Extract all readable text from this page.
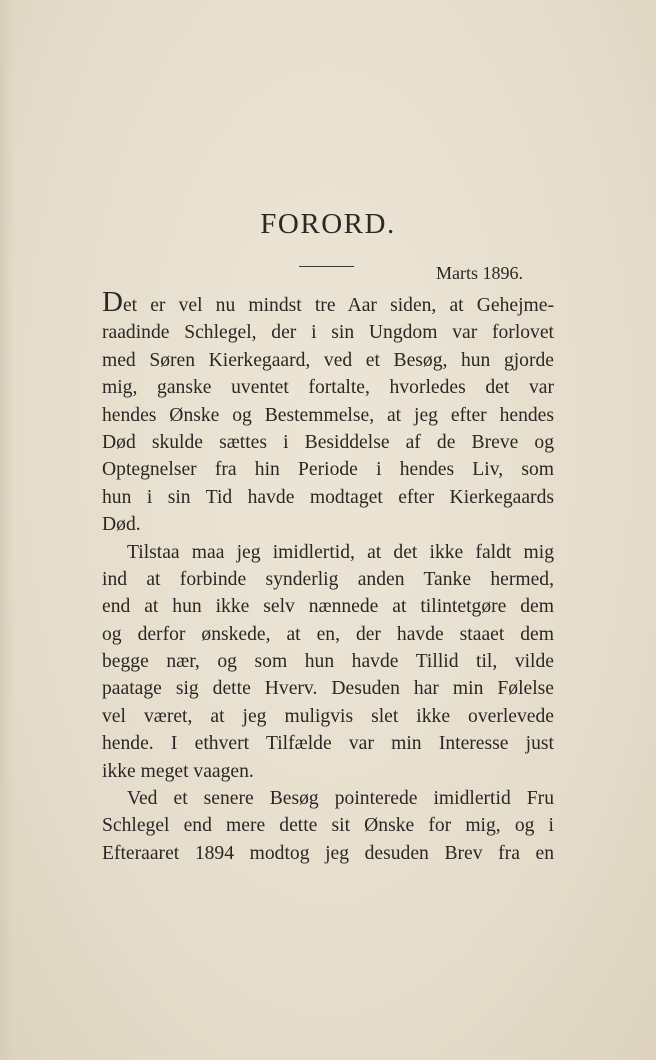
FORORD.
Marts 1896.
Det er vel nu mindst tre Aar siden, at Gehejme-
raadinde Schlegel, der i sin Ungdom var forlovet
med Søren Kierkegaard, ved et Besøg, hun gjorde
mig, ganske uventet fortalte, hvorledes det var
hendes Ønske og Bestemmelse, at jeg efter hendes
Død skulde sættes i Besiddelse af de Breve og
Optegnelser fra hin Periode i hendes Liv, som
hun i sin Tid havde modtaget efter Kierkegaards
Død.
Tilstaa maa jeg imidlertid, at det ikke faldt mig
ind at forbinde synderlig anden Tanke hermed,
end at hun ikke selv nænnede at tilintetgøre dem
og derfor ønskede, at en, der havde staaet dem
begge nær, og som hun havde Tillid til, vilde
paatage sig dette Hverv. Desuden har min Følelse
vel været, at jeg muligvis slet ikke overlevede
hende. I ethvert Tilfælde var min Interesse just
ikke meget vaagen.
Ved et senere Besøg pointerede imidlertid Fru
Schlegel end mere dette sit Ønske for mig, og i
Efteraaret 1894 modtog jeg desuden Brev fra en
